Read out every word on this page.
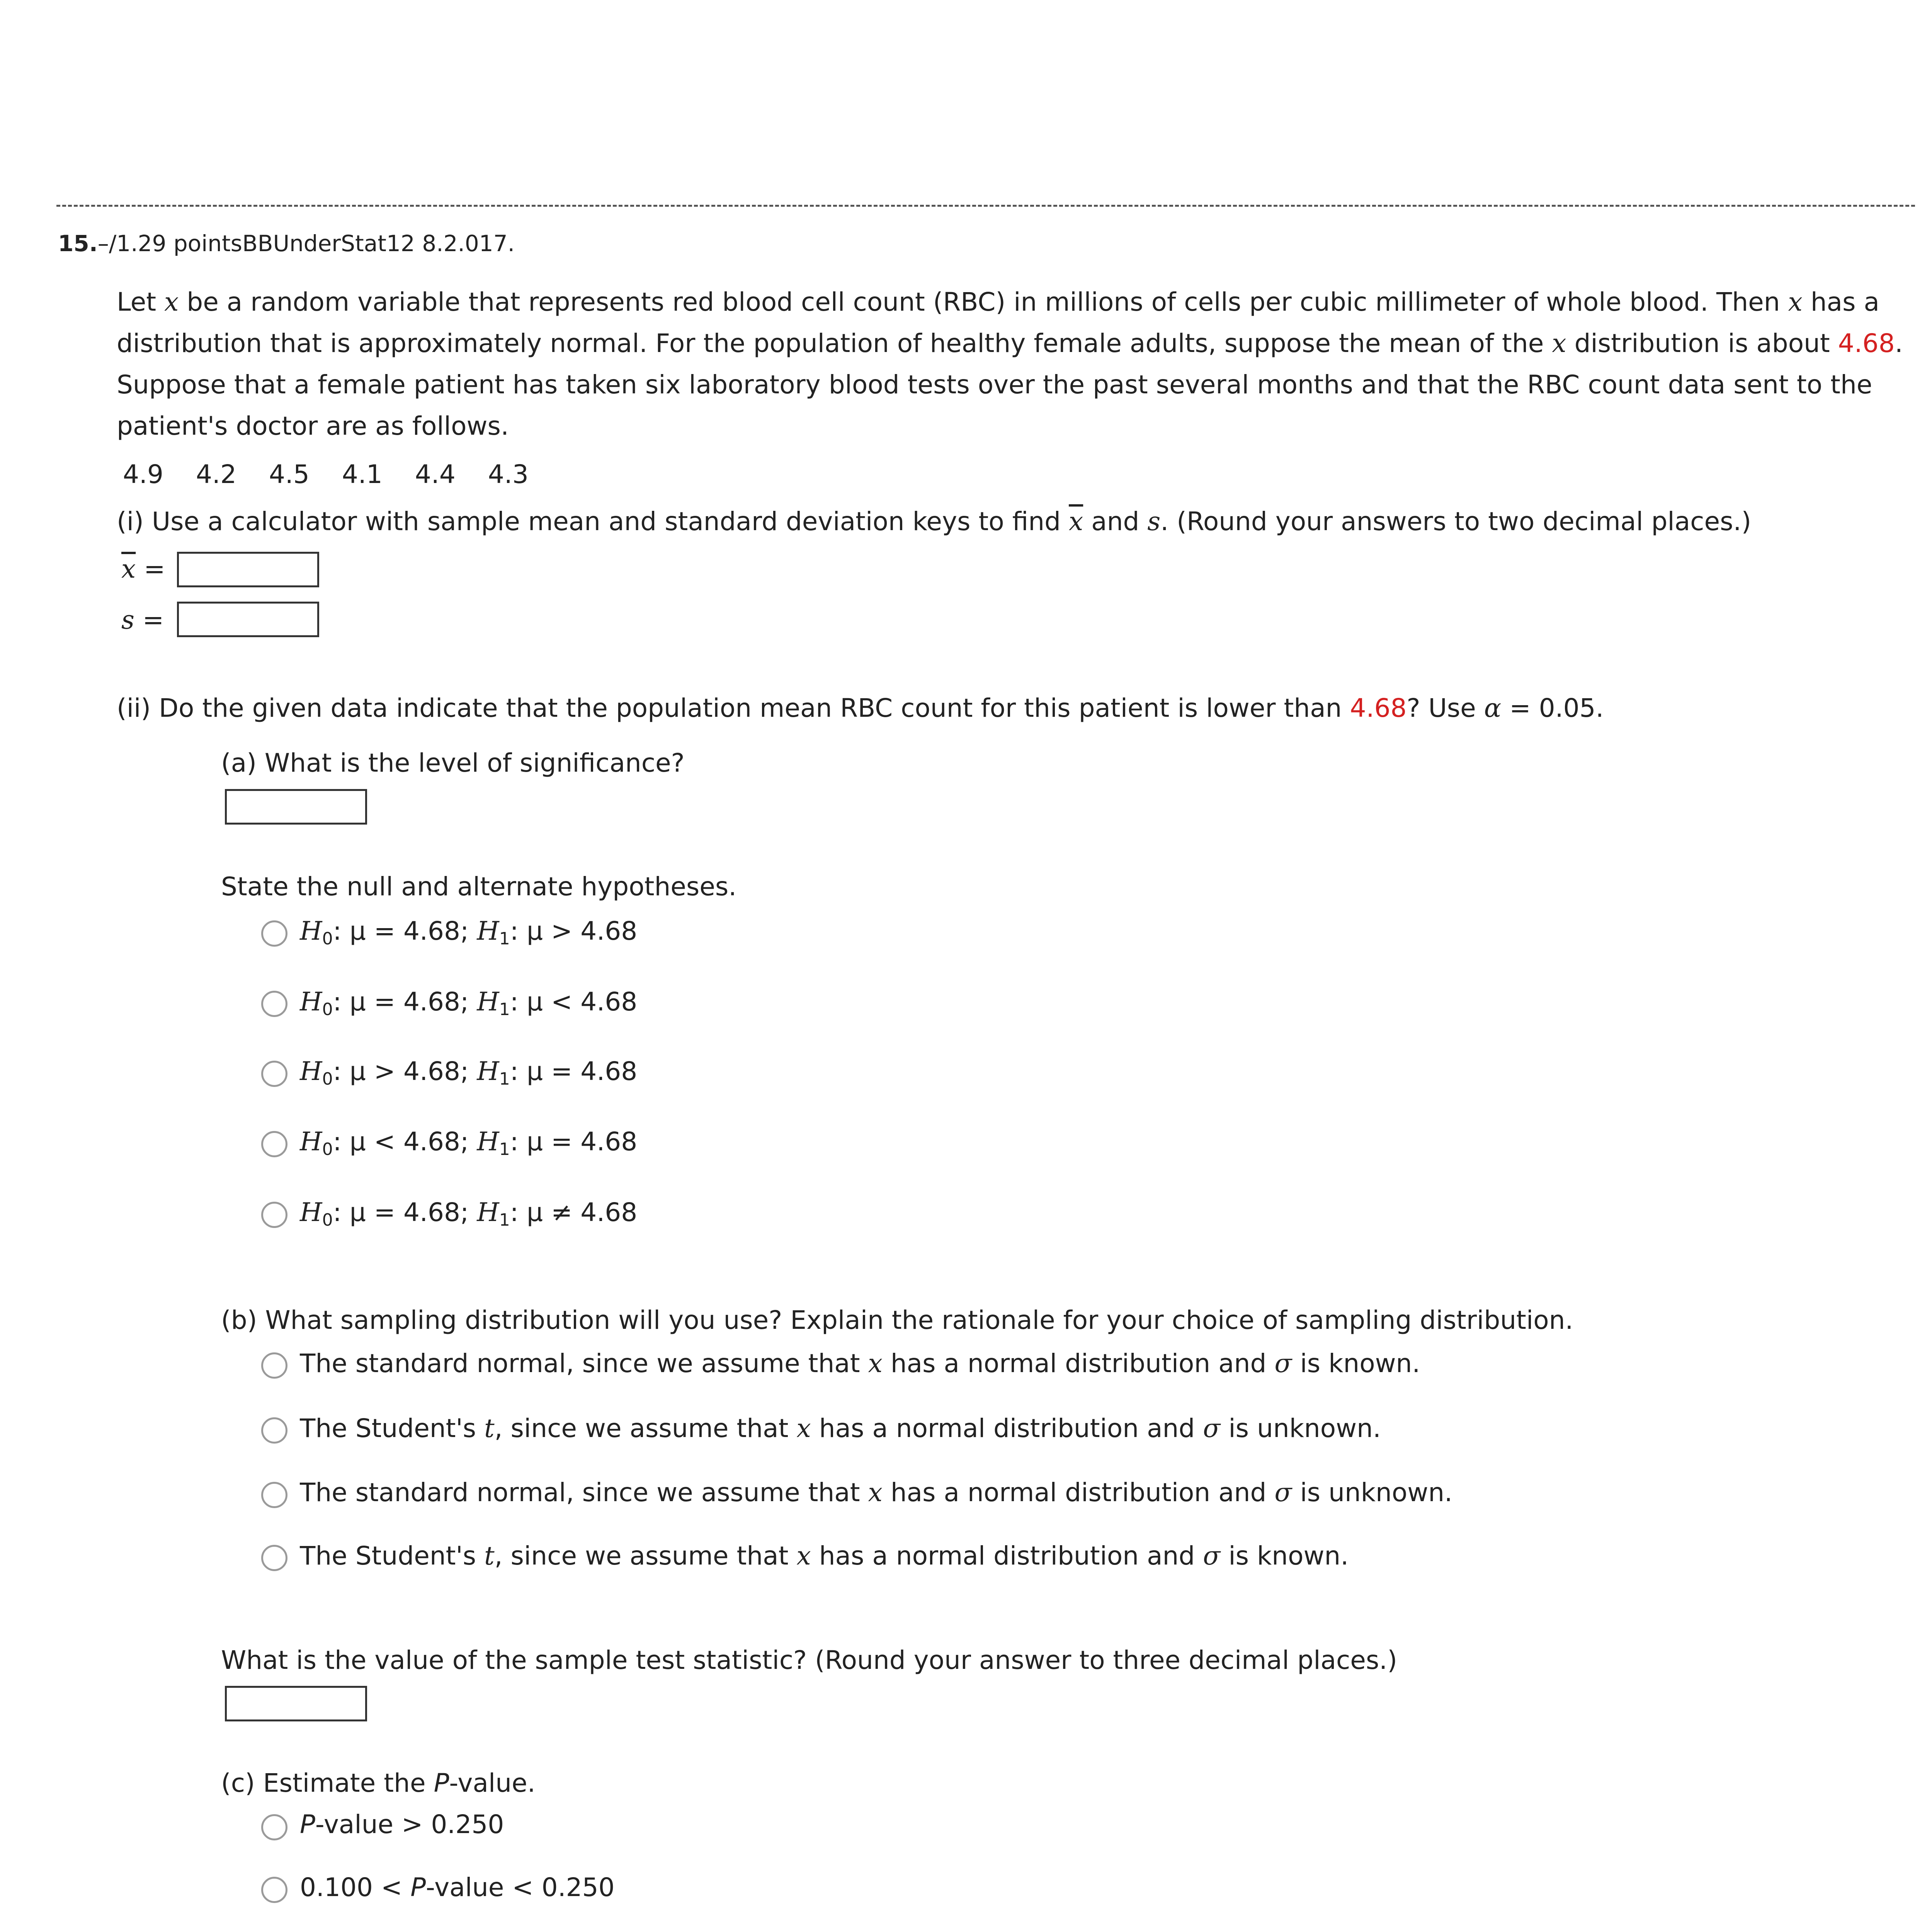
15.–/1.29 pointsBBUnderStat12 8.2.017.
Let x be a random variable that represents red blood cell count (RBC) in millions of cells per cubic millimeter of whole blood. Then x has a distribution that is approximately normal. For the population of healthy female adults, suppose the mean of the x distribution is about 4.68. Suppose that a female patient has taken six laboratory blood tests over the past several months and that the RBC count data sent to the patient's doctor are as follows.
4.9 4.2 4.5 4.1 4.4 4.3
(i) Use a calculator with sample mean and standard deviation keys to find $\overline{x}$ and s. (Round your answers to two decimal places.)
$\overline{x}$ =
s =
(ii) Do the given data indicate that the population mean RBC count for this patient is lower than 4.68? Use α = 0.05.
(a) What is the level of significance?
State the null and alternate hypotheses.
$H_0$: μ = 4.68; $H_1$: μ > 4.68
$H_0$: μ = 4.68; $H_1$: μ < 4.68
$H_0$: μ > 4.68; $H_1$: μ = 4.68
$H_0$: μ < 4.68; $H_1$: μ = 4.68
$H_0$: μ = 4.68; $H_1$: μ ≠ 4.68
(b) What sampling distribution will you use? Explain the rationale for your choice of sampling distribution.
The standard normal, since we assume that x has a normal distribution and σ is known.
The Student's t, since we assume that x has a normal distribution and σ is unknown.
The standard normal, since we assume that x has a normal distribution and σ is unknown.
The Student's t, since we assume that x has a normal distribution and σ is known.
What is the value of the sample test statistic? (Round your answer to three decimal places.)
(c) Estimate the P-value.
P-value > 0.250
0.100 < P-value < 0.250
